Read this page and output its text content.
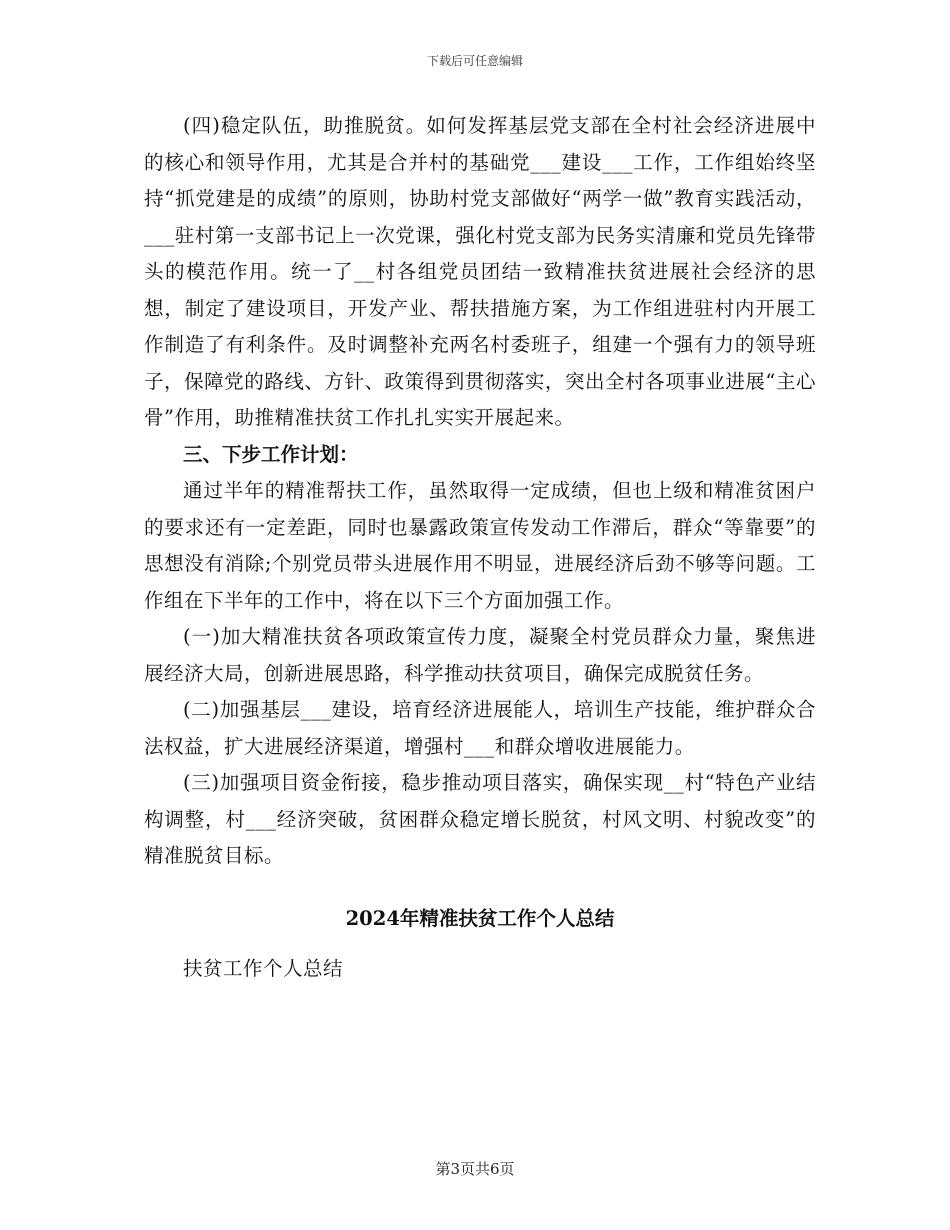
下载后可任意编辑

(四)稳定队伍，助推脱贫。如何发挥基层党支部在全村社会经济进展中的核心和领导作用，尤其是合并村的基础党___建设___工作，工作组始终坚持“抓党建是的成绩”的原则，协助村党支部做好“两学一做”教育实践活动，___驻村第一支部书记上一次党课，强化村党支部为民务实清廉和党员先锋带头的模范作用。统一了__村各组党员团结一致精准扶贫进展社会经济的思想，制定了建设项目，开发产业、帮扶措施方案，为工作组进驻村内开展工作制造了有利条件。及时调整补充两名村委班子，组建一个强有力的领导班子，保障党的路线、方针、政策得到贯彻落实，突出全村各项事业进展“主心骨”作用，助推精准扶贫工作扎扎实实开展起来。

三、下步工作计划：

通过半年的精准帮扶工作，虽然取得一定成绩，但也上级和精准贫困户的要求还有一定差距，同时也暴露政策宣传发动工作滞后，群众“等靠要”的思想没有消除;个别党员带头进展作用不明显，进展经济后劲不够等问题。工作组在下半年的工作中，将在以下三个方面加强工作。

(一)加大精准扶贫各项政策宣传力度，凝聚全村党员群众力量，聚焦进展经济大局，创新进展思路，科学推动扶贫项目，确保完成脱贫任务。

(二)加强基层___建设，培育经济进展能人，培训生产技能，维护群众合法权益，扩大进展经济渠道，增强村___和群众增收进展能力。

(三)加强项目资金衔接，稳步推动项目落实，确保实现__村“特色产业结构调整，村___经济突破，贫困群众稳定增长脱贫，村风文明、村貌改变”的精准脱贫目标。

2024年精准扶贫工作个人总结

扶贫工作个人总结

第3页共6页
